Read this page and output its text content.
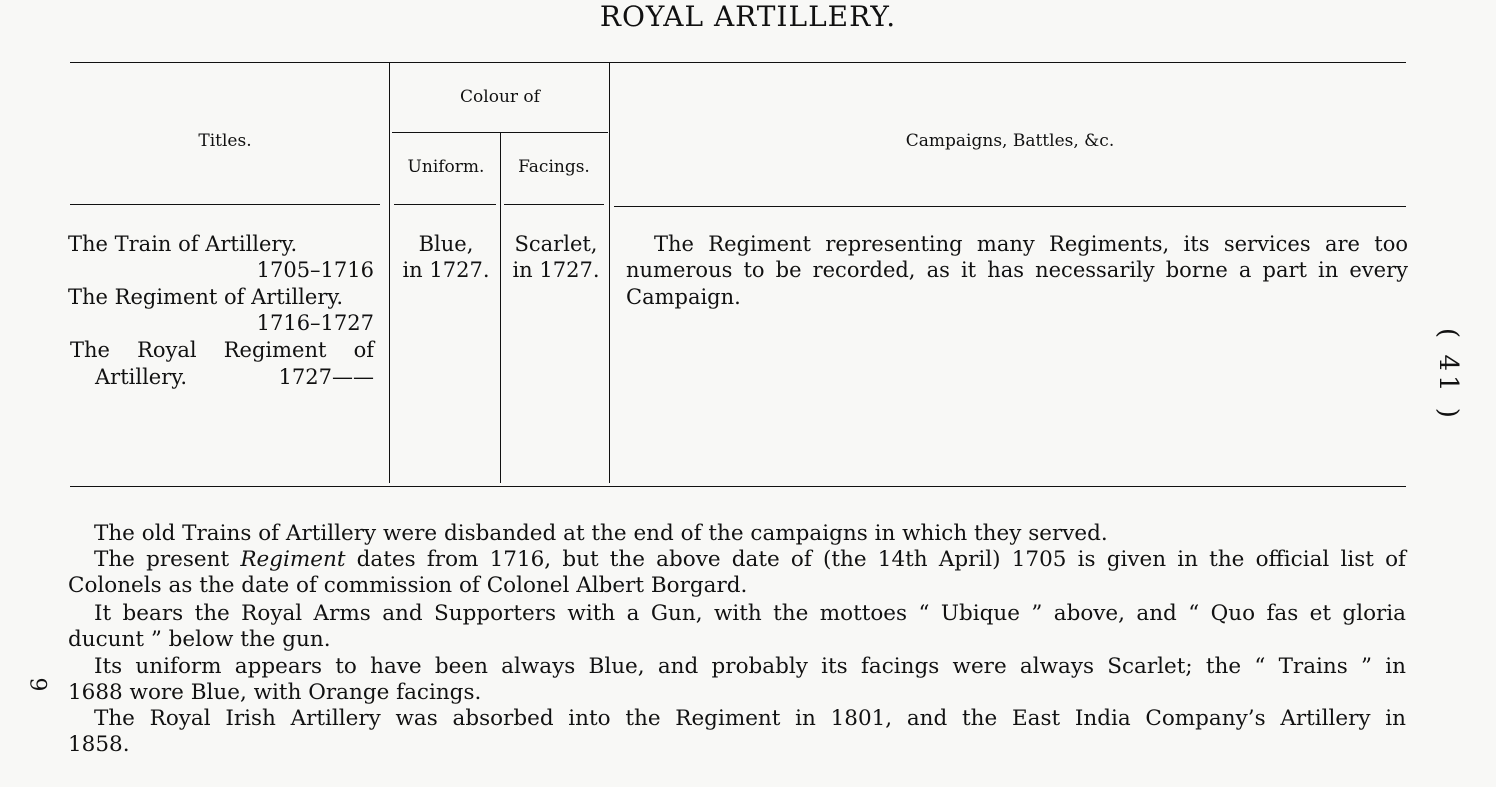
ROYAL ARTILLERY.
Titles.
Colour of
Uniform.	Facings.
Campaigns, Battles, &c.
The Train of Artillery.
1705–1716
The Regiment of Artillery.
1716–1727
The Royal Regiment of
Artillery.	1727——
Blue,
in 1727.
Scarlet,
in 1727.
The Regiment representing many Regiments, its services are too
numerous to be recorded, as it has necessarily borne a part in every
Campaign.
The old Trains of Artillery were disbanded at the end of the campaigns in which they served.
The present Regiment dates from 1716, but the above date of (the 14th April) 1705 is given in the official list of
Colonels as the date of commission of Colonel Albert Borgard.
It bears the Royal Arms and Supporters with a Gun, with the mottoes “ Ubique ” above, and “ Quo fas et gloria
ducunt ” below the gun.
Its uniform appears to have been always Blue, and probably its facings were always Scarlet; the “ Trains ” in
1688 wore Blue, with Orange facings.
The Royal Irish Artillery was absorbed into the Regiment in 1801, and the East India Company’s Artillery in
1858.
( 41 )
9
